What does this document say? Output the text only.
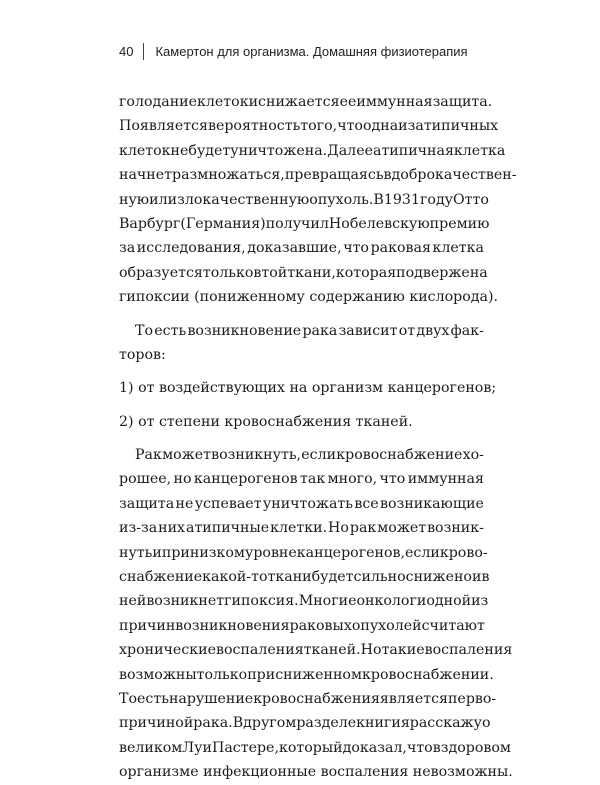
40 Камертон для организма. Домашняя физиотерапия
голодание клеток и снижается ее иммунная защита.
Появляется вероятность того, что одна из атипичных
клеток не будет уничтожена. Далее атипичная клетка
начнет размножаться, превращаясь в доброкачествен-
ную или злокачественную опухоль. В 1931 году Отто
Варбург (Германия) получил Нобелевскую премию
за исследования, доказавшие, что раковая клетка
образуется только в той ткани, которая подвержена
гипоксии (пониженному содержанию кислорода).
То есть возникновение рака зависит от двух фак-
торов:
1) от воздействующих на организм канцерогенов;
2) от степени кровоснабжения тканей.
Рак может возникнуть, если кровоснабжение хо-
рошее, но канцерогенов так много, что иммунная
защита не успевает уничтожать все возникающие
из-за них атипичные клетки. Но рак может возник-
нуть и при низком уровне канцерогенов, если крово-
снабжение какой-то ткани будет сильно снижено и в
ней возникнет гипоксия. Многие онкологи одной из
причин возникновения раковых опухолей считают
хронические воспаления тканей. Но такие воспаления
возможны только при сниженном кровоснабжении.
То есть нарушение кровоснабжения является перво-
причиной рака. В другом разделе книги я расскажу о
великом Луи Пастере, который доказал, что в здоровом
организме инфекционные воспаления невозможны.
